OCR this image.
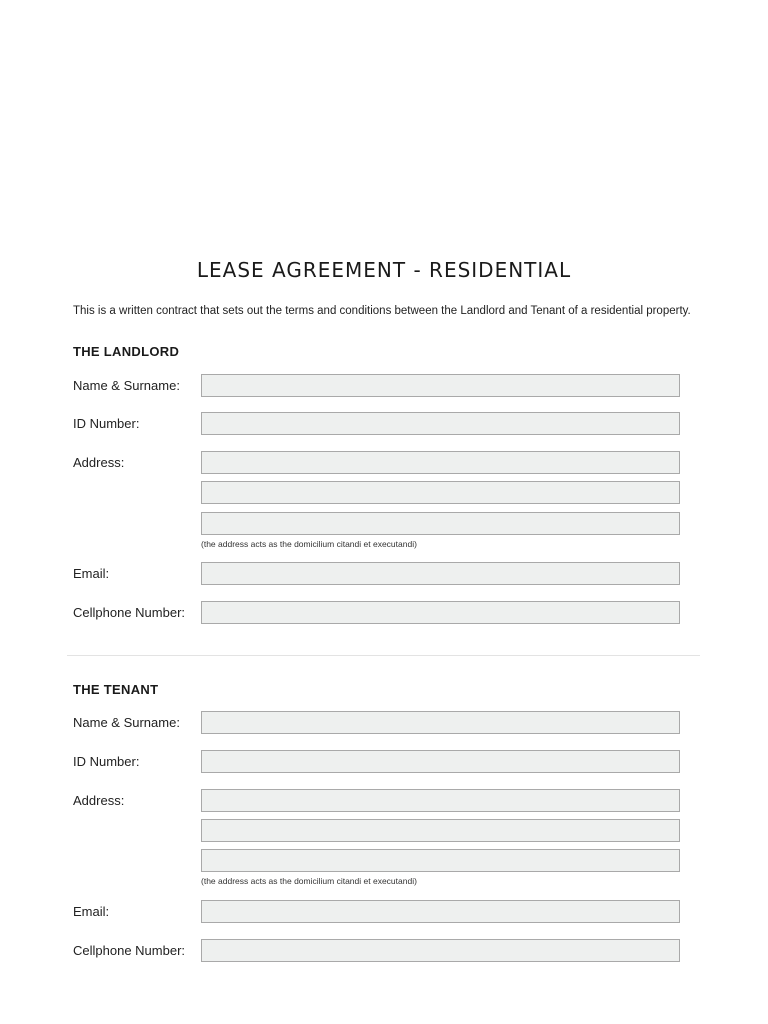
LEASE AGREEMENT - RESIDENTIAL
This is a written contract that sets out the terms and conditions between the Landlord and Tenant of a residential property.
THE LANDLORD
Name & Surname:
ID Number:
Address:
(the address acts as the domicilium citandi et executandi)
Email:
Cellphone Number:
THE TENANT
Name & Surname:
ID Number:
Address:
(the address acts as the domicilium citandi et executandi)
Email:
Cellphone Number:
